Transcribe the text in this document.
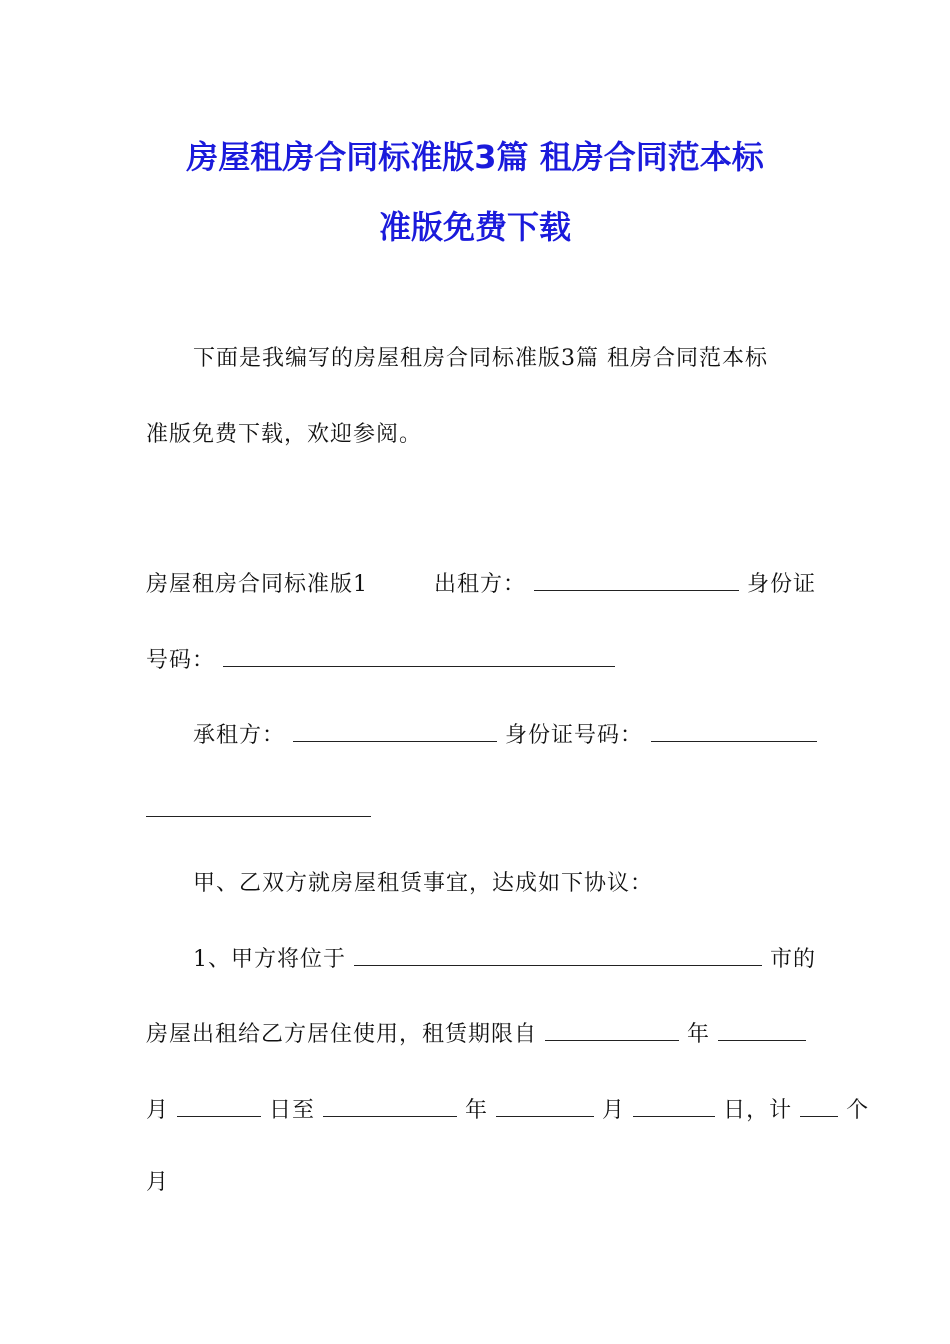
房屋租房合同标准版3篇 租房合同范本标
准版免费下载
下面是我编写的房屋租房合同标准版3篇 租房合同范本标
准版免费下载，欢迎参阅。
房屋租房合同标准版1	出租方：	身份证
号码：
承租方：	身份证号码：
甲、乙双方就房屋租赁事宜，达成如下协议：
1、甲方将位于	市的
房屋出租给乙方居住使用，租赁期限自	年
月	日至	年	月	日，计 个
月
